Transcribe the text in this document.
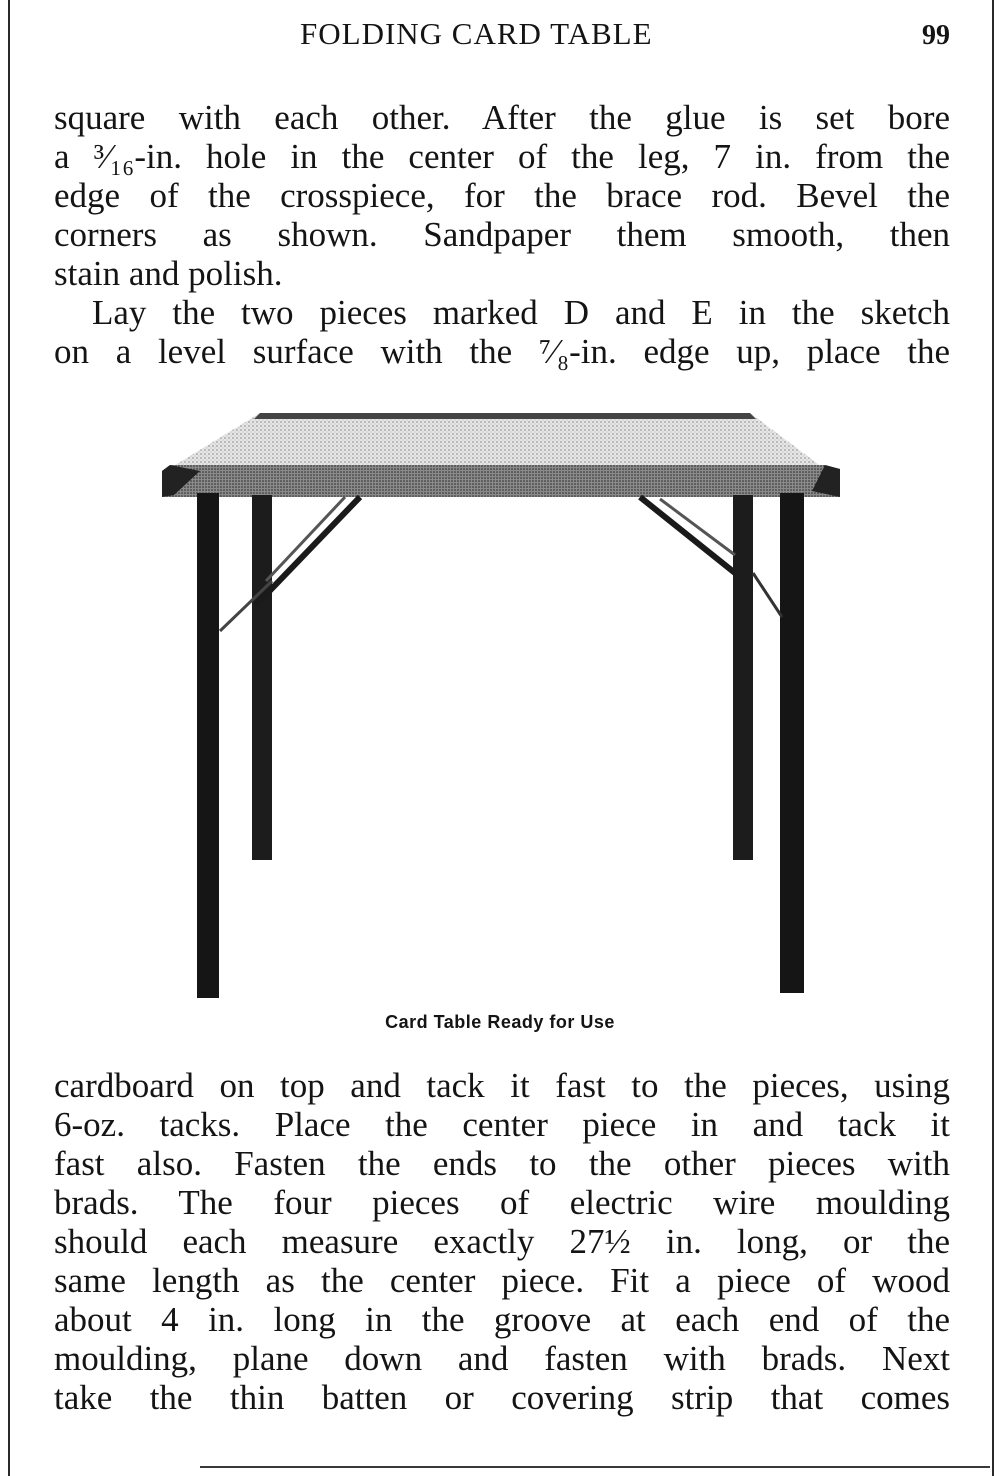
FOLDING CARD TABLE	99
square with each other. After the glue is set bore
a ³⁄₁₆-in. hole in the center of the leg, 7 in. from the
edge of the crosspiece, for the brace rod. Bevel the
corners as shown. Sandpaper them smooth, then
stain and polish.
Lay the two pieces marked D and E in the sketch
on a level surface with the ⁷⁄₈-in. edge up, place the
Card Table Ready for Use
cardboard on top and tack it fast to the pieces, using
6-oz. tacks. Place the center piece in and tack it
fast also. Fasten the ends to the other pieces with
brads. The four pieces of electric wire moulding
should each measure exactly 27½ in. long, or the
same length as the center piece. Fit a piece of wood
about 4 in. long in the groove at each end of the
moulding, plane down and fasten with brads. Next
take the thin batten or covering strip that comes
